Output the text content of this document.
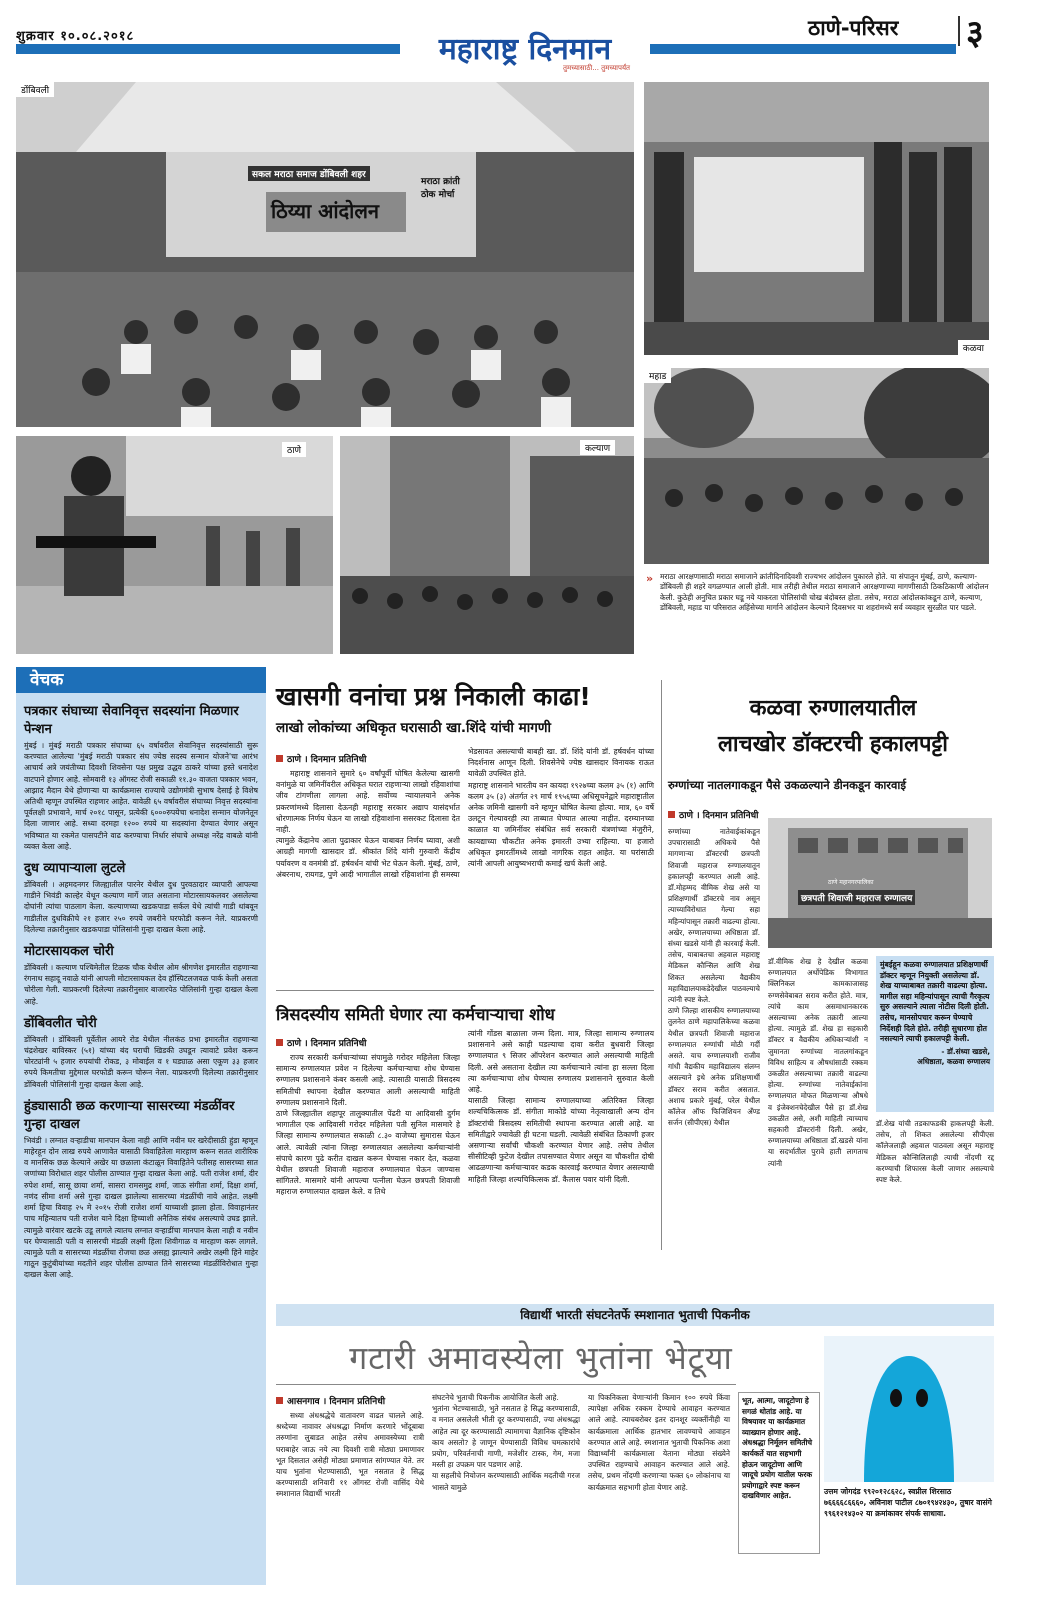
शुक्रवार १०.०८.२०१८	महाराष्ट्र दिनमान
तुमच्यासाठी... तुमच्यापर्यंत
ठाणे-परिसर ३
सकल मराठा समाज डोंबिवली शहर
ठिय्या आंदोलन
मराठा क्रांती ठोक मोर्चा
डोंबिवली
कळवा
महाड
ठाणे	कल्याण
» मराठा आरक्षणासाठी मराठा समाजाने क्रांतीदिनादिवशी राज्यभर आंदोलन पुकारले होते. या संपातून मुंबई, ठाणे, कल्याण-डोंबिवली ही शहरे वगळण्यात आली होती. मात्र तरीही तेथील मराठा समाजाने आरक्षणाच्या मागणीसाठी ठिकठिकाणी आंदोलन केली. कुठेही अनुचित प्रकार घडू नये याकरता पोलिसांची चोख बंदोबस्त होता. तसेच, मराठा आंदोलकांकडून ठाणे, कल्याण, डोंबिवली, महाड या परिसरात अहिंसेच्या मार्गाने आंदोलन केल्याने दिवसभर या शहरांमध्ये सर्व व्यवहार सुरळीत पार पडले.
वेचक
पत्रकार संघाच्या सेवानिवृत्त सदस्यांना मिळणार पेन्शन
मुंबई । मुंबई मराठी पत्रकार संघाच्या ६५ वर्षावरील सेवानिवृत्त सदस्यांसाठी सुरू करण्यात आलेल्या 'मुंबई मराठी पत्रकार संघ ज्येष्ठ सदस्य सन्मान योजने'चा आरंभ आचार्य अत्रे जयंतीच्या दिवशी शिवसेना पक्ष प्रमुख उद्धव ठाकरे यांच्या हस्ते धनादेश वाटपाने होणार आहे. सोमवारी १३ ऑगस्ट रोजी सकाळी ११.३० वाजता पत्रकार भवन, आझाद मैदान येथे होणाऱ्या या कार्यक्रमास राज्याचे उद्योगमंत्री सुभाष देसाई हे विशेष अतिथी म्हणून उपस्थित राहणार आहेत. यावेळी ६५ वर्षावरील संघाच्या निवृत्त सदस्यांना पूर्वलक्षी प्रभावाने, मार्च २०१८ पासून, प्रत्येकी ६०००रुपयेचा धनादेश सन्मान योजनेतून दिला जाणार आहे. सध्या दरमहा १२०० रुपये या सदस्यांना देण्यात येणार असून भविष्यात या रकमेत पासपटीने वाढ करण्याचा निर्धार संघाचे अध्यक्ष नरेंद्र वाबळे यांनी व्यक्त केला आहे.
दुध व्यापाऱ्याला लुटले
डोंबिवली । अहमदनगर जिल्ह्यातील पारनेर येथील दुध पुरवठादार व्यापारी आपल्या गाडीने भिवंडी काल्हेर येथून कल्याण मार्गे जात असताना मोटारसायकलवर असलेल्या दोघांनी त्यांचा पाठलाग केला. कल्याणच्या खडकपाडा सर्कल येथे त्यांची गाडी थांबवून गाडीतील दुधविक्रीचे २१ हजार २५० रुपये जबरीने घरफोडी करून नेले. याप्रकरणी दिलेल्या तक्रारीनुसार खडकपाडा पोलिसांनी गुन्हा दाखल केला आहे.
मोटारसायकल चोरी
डोंबिवली । कल्याण पश्चिमेतील टिळक चौक येथील ओम श्रीगणेश इमारतीत राहणाऱ्या रंगनाथ सहादू नवाळे यांनी आपली मोटारसायकल देव हॉस्पिटलजवळ पार्क केली असता चोरीला गेली. याप्रकरणी दिलेल्या तक्रारीनुसार बाजारपेठ पोलिसांनी गुन्हा दाखल केला आहे.
डोंबिवलीत चोरी
डोंबिवली । डोंबिवली पूर्वेतील आयरे रोड येथील नीलकंठ प्रभा इमारतीत राहणाऱ्या चंद्रशेखर बाविस्कर (५१) यांच्या बंद घराची खिडकी उघडून त्यावाटे प्रवेश करून चोरट्यांनी ५ हजार रुपयांची रोकड, ३ मोबाईल व १ घड्याळ असा एकूण ३३ हजार रुपये किमतीचा मुद्देमाल घरफोडी करून चोरून नेला. याप्रकरणी दिलेल्या तक्रारीनुसार डोंबिवली पोलिसांनी गुन्हा दाखल केला आहे.
हुंड्यासाठी छळ करणाऱ्या सासरच्या मंडळींवर गुन्हा दाखल
भिवंडी । लग्नात वऱ्हाडीचा मानपान केला नाही आणि नवीन घर खरेदीसाठी हुंडा म्हणून माहेरहून दोन लाख रुपये आणावेत यासाठी विवाहितेला मारहाण करून सतत शारीरिक व मानसिक छळ केल्याने अखेर या छळाला कंटाळून विवाहितेने पतीसह सासरच्या सात जणांच्या विरोधात शहर पोलीस ठाण्यात गुन्हा दाखल केला आहे. पती राजेश शर्मा, दीर रुपेश शर्मा, सासू छाया शर्मा, सासरा रामसमुद्र शर्मा, जाऊ संगीता शर्मा, दिक्षा शर्मा, नणंद सीमा शर्मा असे गुन्हा दाखल झालेल्या सासरच्या मंडळींची नावे आहेत. लक्ष्मी शर्मा हिचा विवाह २५ मे २०१५ रोजी राजेश शर्मा याच्याशी झाला होता. विवाहानंतर पाच महिन्यातच पती राजेश याने दिक्षा हिच्याशी अनैतिक संबंध असल्याचे उघड झाले. त्यामुळे वारंवार खटके उडू लागले त्यातच लग्नात वऱ्हाडींचा मानपान केला नाही व नवीन घर घेण्यासाठी पती व सासरची मंडळी लक्ष्मी हिला शिवीगाळ व मारहाण करू लागले. त्यामुळे पती व सासरच्या मंडळींचा रोजचा छळ असह्य झाल्याने अखेर लक्ष्मी हिने माहेर गाठून कुटुंबीयांच्या मदतीने शहर पोलीस ठाण्यात तिने सासरच्या मंडळींविरोधात गुन्हा दाखल केला आहे.
खासगी वनांचा प्रश्न निकाली काढा!
लाखो लोकांच्या अधिकृत घरासाठी खा.शिंदे यांची मागणी
ठाणे । दिनमान प्रतिनिधी
महाराष्ट्र शासनाने सुमारे ६० वर्षांपूर्वी घोषित केलेल्या खासगी वनांमुळे या जमिनींवरील अधिकृत घरात राहणाऱ्या लाखो रहिवाशांचा जीव टांगणीला लागला आहे. सर्वोच्च न्यायालयाने अनेक प्रकरणांमध्ये दिलासा देऊनही महाराष्ट्र सरकार अद्याप यासंदर्भात धोरणात्मक निर्णय घेऊन या लाखो रहिवाशांना ससरकट दिलासा देत नाही.
त्यामुळे केंद्रानेच आता पुढाकार घेऊन याबाबत निर्णय घ्यावा, अशी आग्रही मागणी खासदार डॉ. श्रीकांत शिंदे यांनी गुरुवारी केंद्रीय पर्यावरण व वनमंत्री डॉ. हर्षवर्धन यांची भेट घेऊन केली. मुंबई, ठाणे, अंबरनाथ, रायगड, पुणे आदी भागातील लाखो रहिवाशांना ही समस्या
भेडसावत असल्याची बाबही खा. डॉ. शिंदे यांनी डॉ. हर्षवर्धन यांच्या निदर्शनास आणून दिली. शिवसेनेचे ज्येष्ठ खासदार विनायक राऊत यावेळी उपस्थित होते.
महाराष्ट्र शासनाने भारतीय वन कायदा १९२७च्या कलम ३५ (१) आणि कलम ३५ (३) अंतर्गत २९ मार्च १९५६च्या अधिसूचनेद्वारे महाराष्ट्रातील अनेक जमिनी खासगी वने म्हणून घोषित केल्या होत्या. मात्र, ६० वर्षे उलटून गेल्यावरही त्या ताब्यात घेण्यात आल्या नाहीत. दरम्यानच्या काळात या जमिनींवर संबंधित सर्व सरकारी यंत्रणांच्या मंजुरीने, कायद्याच्या चौकटीत अनेक इमारती उभ्या राहिल्या. या हजारो अधिकृत इमारतींमध्ये लाखो नागरिक राहत आहेत. या घरांसाठी त्यांनी आपली आयुष्यभराची कमाई खर्च केली आहे.
त्रिसदस्यीय समिती घेणार त्या कर्मचाऱ्याचा शोध
ठाणे । दिनमान प्रतिनिधी
राज्य सरकारी कर्मचाऱ्यांच्या संपामुळे गरोदर महिलेला जिल्हा सामान्य रुग्णालयात प्रवेश न दिलेल्या कर्मचाऱ्याचा शोध घेण्यास रुग्णालय प्रशासनाने कंबर कसली आहे. त्यासाठी यासाठी त्रिसदस्य समितीची स्थापना देखील करण्यात आली असल्याची माहिती रुग्णालय प्रशासनाने दिली.
ठाणे जिल्ह्यातील शहापूर तालुक्यातील पेंढरी या आदिवासी दुर्गम भागातील एक आदिवासी गरोदर महिलेला पती सुनिल मासमारे हे जिल्हा सामान्य रुग्णालयात सकाळी ८.३० वाजेच्या सुमारास घेऊन आले. त्यावेळी त्यांना जिल्हा रुग्णालयात असलेल्या कर्मचाऱ्यांनी संपाचे कारण पुढे करीत दाखल करून घेण्यास नकार देत, कळवा येथील छत्रपती शिवाजी महाराज रुग्णालयात घेऊन जाण्यास सांगितले. मासमारे यांनी आपल्या पत्नीला घेऊन छत्रपती शिवाजी महाराज रुग्णालयात दाखल केले. व तिथे
त्यांनी गोंडस बाळाला जन्म दिला. मात्र, जिल्हा सामान्य रुग्णालय प्रशासनाने असे काही घडल्याचा दावा करीत बुधवारी जिल्हा रुग्णालयात ९ सिजर ऑपरेशन करण्यात आले असल्याची माहिती दिली. असे असताना देखील त्या कर्मचाऱ्याने त्यांना हा सल्ला दिला त्या कर्मचाऱ्याचा शोध घेण्यास रुग्णालय प्रशासनाने सुरुवात केली आहे.
यासाठी जिल्हा सामान्य रुग्णालयाच्या अतिरिक्त जिल्हा शल्यचिकित्सक डॉ. संगीता माकोडे यांच्या नेतृत्वाखाली अन्य दोन डॉक्टरांची त्रिसदस्य समितीची स्थापना करण्यात आली आहे. या समितीद्वारे ज्यावेळी ही घटना घडली. त्यावेळी संबंधित ठिकाणी हजर असणाऱ्या सर्वांची चौकशी करण्यात येणार आहे. तसेच तेथील सीसीटिव्ही फुटेज देखील तपासण्यात येणार असून या चौकशीत दोषी आढळणाऱ्या कर्मचाऱ्यावर कडक कारवाई करण्यात येणार असल्याची माहिती जिल्हा शल्यचिकित्सक डॉ. कैलास पवार यांनी दिली.
कळवा रुग्णालयातील
लाचखोर डॉक्टरची हकालपट्टी
रुग्णांच्या नातलगाकडून पैसे उकळल्याने डीनकडून कारवाई
ठाणे । दिनमान प्रतिनिधी
रुग्णांच्या नातेवाईकांकडून उपचारासाठी अधिकचे पैसे मागणाऱ्या डॉक्टरची छत्रपती शिवाजी महाराज रुग्णालयातून हकालपट्टी करण्यात आली आहे. डॉ.मोहम्मद वीमिक शेख असे या प्रशिक्षणार्थी डॉक्टरचे नाव असून त्याच्याविरोधात गेल्या सहा महिन्यांपासून तक्रारी वाढल्या होत्या. अखेर, रुग्णालयाच्या अधिष्ठाता डॉ. संध्या खडसे यांनी ही कारवाई केली. तसेच, याबाबतचा अहवाल महाराष्ट्र मेडिकल कौन्सिल आणि शेख शिकत असलेल्या वैद्यकीय महाविद्यालयाकडेदेखील पाठवल्याचे त्यांनी स्पष्ट केले.
ठाणे जिल्हा शासकीय रुग्णालयाच्या तुलनेत ठाणे महापालिकेच्या कळवा येथील छत्रपती शिवाजी महाराज रुग्णालयात रुग्णांची मोठी गर्दी असते. याच रुग्णालयाशी राजीव गांधी वैद्यकीय महाविद्यालय संलग्न असल्याने इथे अनेक प्रशिक्षणार्थी डॉक्टर सराव करीत असतात. अशाच प्रकारे मुंबई, परेल येथील कॉलेज ऑफ फिजिशियन अँण्ड सर्जन (सीपीएस) येथील
ठाणे महानगरपालिका
छत्रपती शिवाजी महाराज रुग्णालय
डॉ.वीमिक शेख हे देखील कळवा रुग्णालयात अर्थोपेडिक विभागात क्लिनिकल कामकाजासह रुग्णसेवेबाबत सराव करीत होते. मात्र, त्यांचे काम असमाधानकारक असल्याच्या अनेक तक्रारी आल्या होत्या. त्यामुळे डॉ. शेख हा सहकारी डॉक्टर व वैद्यकीय अधिकाऱ्यांशी न जुमानता रुग्णांच्या नातलगांकडून विविध साहित्य व औषधांसाठी रक्कम उकळीत असल्याच्या तक्रारी वाढल्या होत्या. रुग्णांच्या नातेवाईकांना रुग्णालयात मोफत मिळणाऱ्या औषधे व इंजेक्शनचेदेखील पैसे हा डॉ.शेख उकळीत असे, अशी माहिती त्याच्याच सहकारी डॉक्टरांनी दिली. अखेर, रुग्णालयाच्या अधिष्ठाता डॉ.खडसे यांना या सदर्भातील पुरावे हाती लागताच त्यांनी
मुंबईहून कळवा रुग्णालयात प्रशिक्षणार्थी डॉक्टर म्हणून नियुक्ती असलेल्या डॉ. शेख याच्याबाबत तक्रारी वाढल्या होत्या. मागील सहा महिन्यांपासून त्याची गैरकृत्य सुरु असल्याने त्याला नोटीस दिली होती. तसेच, मानसोपचार करून घेण्याचे निर्देशही दिले होते. तरीही सुधारणा होत नसल्याने त्याची हकालपट्टी केली.
- डॉ.संध्या खडसे,
अधिष्ठाता, कळवा रुग्णालय
डॉ.शेख यांची तडकाफडकी हाकलपट्टी केली. तसेच, तो शिकत असलेल्या सीपीएस कॉलेजलाही अहवाल पाठवला असून महाराष्ट्र मेडिकल कौन्सिलिलाही त्याची नोंदणी रद्द करण्याची शिफारस केली जाणार असल्याचे स्पष्ट केले.
विद्यार्थी भारती संघटनेतर्फे स्मशानात भुताची पिकनीक
गटारी अमावस्येला भुतांना भेटूया
आसनगाव । दिनमान प्रतिनिधी
सध्या अंधश्रद्धेचे वातावरण वाढत चालले आहे. श्रध्देच्या नावावर अंधश्रद्धा निर्माण करणारे भोंदूबाबा तरुणांना लुबाडत आहेत तसेच अमावस्येच्या रात्री घराबाहेर जाऊ नये त्या दिवशी रात्री मोठ्या प्रमाणावर भूत दिसतात असेही मोठ्या प्रमाणात सांगण्यात येते. तर याच भुतांना भेटण्यासाठी, भूत नसतात हे सिद्ध करण्यासाठी शनिवारी ११ ऑगस्ट रोजी वासिंद येथे स्मशानात विद्यार्थी भारती
संघटनेचे भुताची पिकनीक आयोजित केली आहे.
भुतांना भेटण्यासाठी, भुते नसतात हे सिद्ध करण्यासाठी, व मनात असलेली भीती दूर करण्यासाठी, ज्या अंधश्रद्धा आहेत त्या दूर करण्यासाठी त्यामागचा वैज्ञानिक दृष्टिकोन काय असतो? हे जाणून घेण्यासाठी विविध चमत्कारांचे प्रयोग, परिवर्तनाची गाणी, मजेशीर टास्क, गेम, मजा मस्ती हा उपक्रम पार पडणार आहे.
या सहलीचे नियोजन करण्यासाठी आर्थिक मदतीची गरज भासते यामुळे
या पिकनिकला येणाऱ्यांनी किमान १०० रुपये किंवा त्यापेक्षा अधिक रक्कम देण्याचे आवाहन करण्यात आले आहे. त्याचबरोबर इतर दानशूर व्यक्तींनीही या कार्यक्रमाला आर्थिक हातभार लावण्याचे आवाहन करण्यात आले आहे. स्मशानात भुताची पिकनिक अशा विद्यार्थ्यांनी कार्यक्रमाला येताना मोठ्या संख्येने उपस्थित राहण्याचे आवाहन करण्यात आले आहे. तसेच, प्रथम नोंदणी करणाऱ्या फक्त ६० लोकांनाच या कार्यक्रमात सहभागी होता येणार आहे.
भूत, आत्मा, जादूटोणा हे सगळं थोतांड आहे. या विषयावर या कार्यक्रमात व्याख्यान होणार आहे. अंधश्रद्धा निर्मूलन समितीचे कार्यकर्ते यात सहभागी होऊन जादूटोणा आणि जादूचे प्रयोग यातील फरक प्रयोगाद्वारे स्पष्ट करून दाखविणार आहेत.	उत्तम जोगदंड ९९२०१२८६२८, स्वप्नील शिरसाठ ७६६६६८६६६०, अविनाश पाटील ८७०१९४२४३०, तुषार वासंगे ९९६१२१४३०२ या क्रमांकावर संपर्क साधावा.
